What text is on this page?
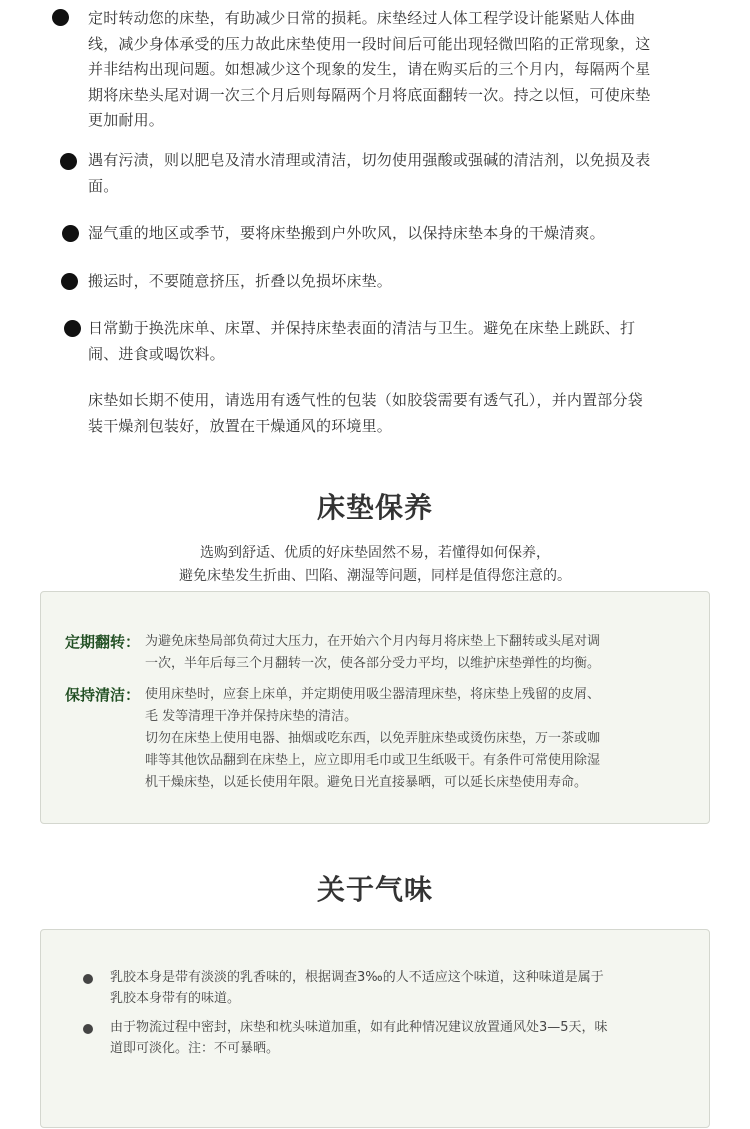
定时转动您的床垫，有助减少日常的损耗。床垫经过人体工程学设计能紧贴人体曲
线，减少身体承受的压力故此床垫使用一段时间后可能出现轻微凹陷的正常现象，这
并非结构出现问题。如想减少这个现象的发生，请在购买后的三个月内，每隔两个星
期将床垫头尾对调一次三个月后则每隔两个月将底面翻转一次。持之以恒，可使床垫
更加耐用。
遇有污渍，则以肥皂及清水清理或清洁，切勿使用强酸或强碱的清洁剂，以免损及表
面。
湿气重的地区或季节，要将床垫搬到户外吹风，以保持床垫本身的干燥清爽。
搬运时，不要随意挤压，折叠以免损坏床垫。
日常勤于换洗床单、床罩、并保持床垫表面的清洁与卫生。避免在床垫上跳跃、打
闹、进食或喝饮料。
床垫如长期不使用，请选用有透气性的包装（如胶袋需要有透气孔），并内置部分袋
装干燥剂包装好，放置在干燥通风的环境里。
床垫保养
选购到舒适、优质的好床垫固然不易，若懂得如何保养，
避免床垫发生折曲、凹陷、潮湿等问题，同样是值得您注意的。
定期翻转： 为避免床垫局部负荷过大压力，在开始六个月内每月将床垫上下翻转或头尾对调
一次，半年后每三个月翻转一次，使各部分受力平均，以维护床垫弹性的均衡。
保持清洁： 使用床垫时，应套上床单，并定期使用吸尘器清理床垫，将床垫上残留的皮屑、
毛 发等清理干净并保持床垫的清洁。
切勿在床垫上使用电器、抽烟或吃东西，以免弄脏床垫或烫伤床垫，万一茶或咖
啡等其他饮品翻到在床垫上，应立即用毛巾或卫生纸吸干。有条件可常使用除湿
机干燥床垫，以延长使用年限。避免日光直接暴晒，可以延长床垫使用寿命。
关于气味
乳胶本身是带有淡淡的乳香味的，根据调查3‰的人不适应这个味道，这种味道是属于
乳胶本身带有的味道。
由于物流过程中密封，床垫和枕头味道加重，如有此种情况建议放置通风处3—5天，味
道即可淡化。注：不可暴晒。
